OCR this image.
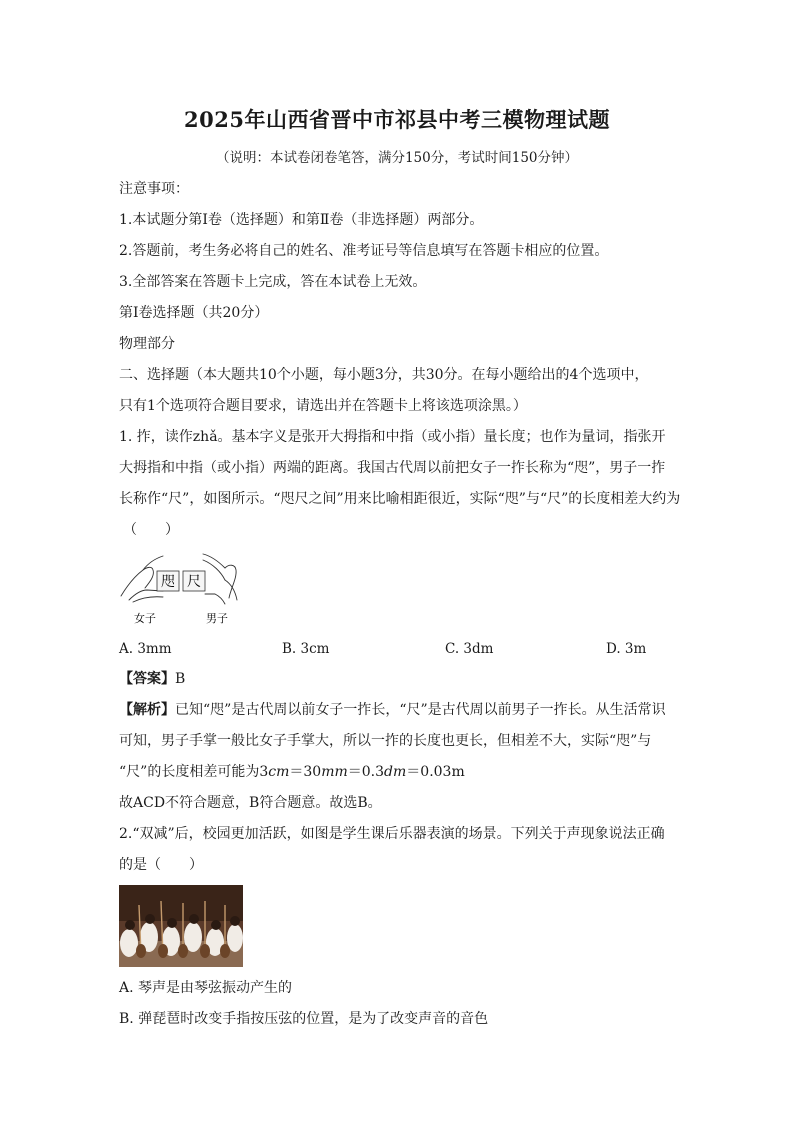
2025年山西省晋中市祁县中考三模物理试题
（说明：本试卷闭卷笔答，满分150分，考试时间150分钟）
注意事项：
1.本试题分第Ⅰ卷（选择题）和第Ⅱ卷（非选择题）两部分。
2.答题前，考生务必将自己的姓名、准考证号等信息填写在答题卡相应的位置。
3.全部答案在答题卡上完成，答在本试卷上无效。
第Ⅰ卷选择题（共20分）
物理部分
二、选择题（本大题共10个小题，每小题3分，共30分。在每小题给出的4个选项中，
只有1个选项符合题目要求，请选出并在答题卡上将该选项涂黑。）
1. 拃，读作zhǎ。基本字义是张开大拇指和中指（或小指）量长度；也作为量词，指张开
大拇指和中指（或小指）两端的距离。我国古代周以前把女子一拃长称为“咫”，男子一拃
长称作“尺”，如图所示。“咫尺之间”用来比喻相距很近，实际“咫”与“尺”的长度相差大约为
（　　）
咫 尺
女子	男子
A. 3mm	B. 3cm	C. 3dm	D. 3m
【答案】B
【解析】已知“咫”是古代周以前女子一拃长，“尺”是古代周以前男子一拃长。从生活常识
可知，男子手掌一般比女子手掌大，所以一拃的长度也更长，但相差不大，实际“咫”与
“尺”的长度相差可能为3cm＝30mm＝0.3dm＝0.03m
故ACD不符合题意，B符合题意。故选B。
2.“双减”后，校园更加活跃，如图是学生课后乐器表演的场景。下列关于声现象说法正确
的是（　　）
A. 琴声是由琴弦振动产生的
B. 弹琵琶时改变手指按压弦的位置，是为了改变声音的音色
